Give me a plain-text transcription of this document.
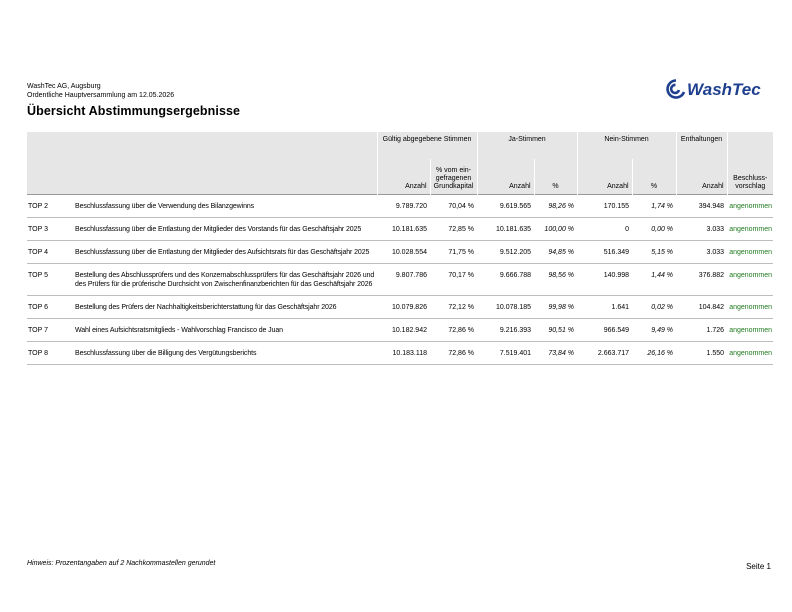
WashTec AG, Augsburg
Ordentliche Hauptversammlung am 12.05.2026
Übersicht Abstimmungsergebnisse
WashTec
		Gültig abgegebene Stimmen		Ja-Stimmen		Nein-Stimmen		Enthaltungen	
		Anzahl	% vom ein-gefragenen Grundkapital	Anzahl	%	Anzahl	%	Anzahl	Beschluss-vorschlag
TOP 2	Beschlussfassung über die Verwendung des Bilanzgewinns	9.789.720	70,04 %	9.619.565	98,26 %	170.155	1,74 %	394.948	angenommen
TOP 3	Beschlussfassung über die Entlastung der Mitglieder des Vorstands für das Geschäftsjahr 2025	10.181.635	72,85 %	10.181.635	100,00 %	0	0,00 %	3.033	angenommen
TOP 4	Beschlussfassung über die Entlastung der Mitglieder des Aufsichtsrats für das Geschäftsjahr 2025	10.028.554	71,75 %	9.512.205	94,85 %	516.349	5,15 %	3.033	angenommen
TOP 5	Bestellung des Abschlussprüfers und des Konzernabschlussprüfers für das Geschäftsjahr 2026 und des Prüfers für die prüferische Durchsicht von Zwischenfinanzberichten für das Geschäftsjahr 2026	9.807.786	70,17 %	9.666.788	98,56 %	140.998	1,44 %	376.882	angenommen
TOP 6	Bestellung des Prüfers der Nachhaltigkeitsberichterstattung für das Geschäftsjahr 2026	10.079.826	72,12 %	10.078.185	99,98 %	1.641	0,02 %	104.842	angenommen
TOP 7	Wahl eines Aufsichtsratsmitglieds - Wahlvorschlag Francisco de Juan	10.182.942	72,86 %	9.216.393	90,51 %	966.549	9,49 %	1.726	angenommen
TOP 8	Beschlussfassung über die Billigung des Vergütungsberichts	10.183.118	72,86 %	7.519.401	73,84 %	2.663.717	26,16 %	1.550	angenommen
Hinweis: Prozentangaben auf 2 Nachkommastellen gerundet	Seite 1
